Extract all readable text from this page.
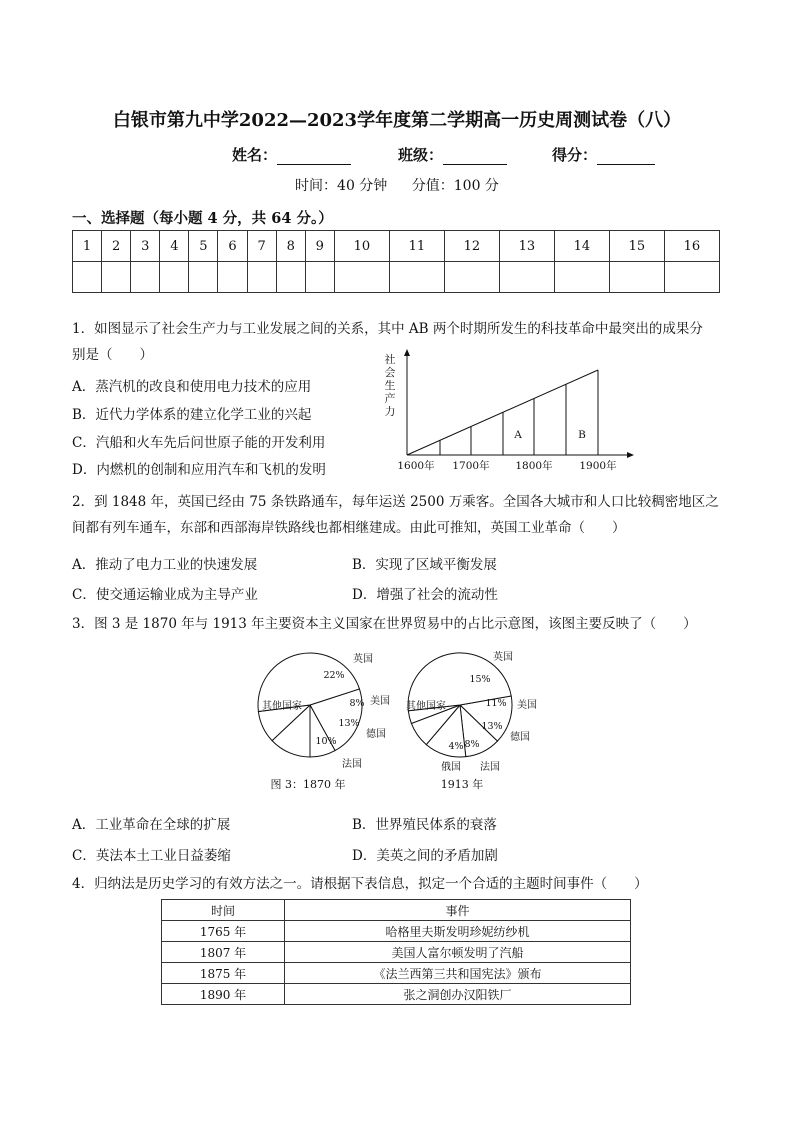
白银市第九中学2022—2023学年度第二学期高一历史周测试卷（八）
姓名：	班级：	得分：
时间：40 分钟 分值：100 分
一、选择题（每小题 4 分，共 64 分。）
1	2	3	4	5	6	7	8	9	10	11	12	13	14	15	16

1．如图显示了社会生产力与工业发展之间的关系，其中 AB 两个时期所发生的科技革命中最突出的成果分
别是（　　）
A．蒸汽机的改良和使用电力技术的应用
B．近代力学体系的建立化学工业的兴起
C．汽船和火车先后问世原子能的开发利用
D．内燃机的创制和应用汽车和飞机的发明
社
会
生
产
力
A	B
1600年 1700年 1800年	1900年
2．到 1848 年，英国已经由 75 条铁路通车，每年运送 2500 万乘客。全国各大城市和人口比较稠密地区之
间都有列车通车，东部和西部海岸铁路线也都相继建成。由此可推知，英国工业革命（　　）
A．推动了电力工业的快速发展	B．实现了区域平衡发展
C．使交通运输业成为主导产业	D．增强了社会的流动性
3．图 3 是 1870 年与 1913 年主要资本主义国家在世界贸易中的占比示意图，该图主要反映了（　　）
英国
美国
德国
法国
其他国家
22%
8%
13%
10%
图 3：1870 年
英国
美国
德国
法国
俄国
其他国家
15%
11%
13%
8%
4%
1913 年
A．工业革命在全球的扩展	B．世界殖民体系的衰落
C．英法本土工业日益萎缩	D．美英之间的矛盾加剧
4．归纳法是历史学习的有效方法之一。请根据下表信息，拟定一个合适的主题时间事件（　　）
时间	事件
1765 年	哈格里夫斯发明珍妮纺纱机
1807 年	美国人富尔顿发明了汽船
1875 年	《法兰西第三共和国宪法》颁布
1890 年	张之洞创办汉阳铁厂
